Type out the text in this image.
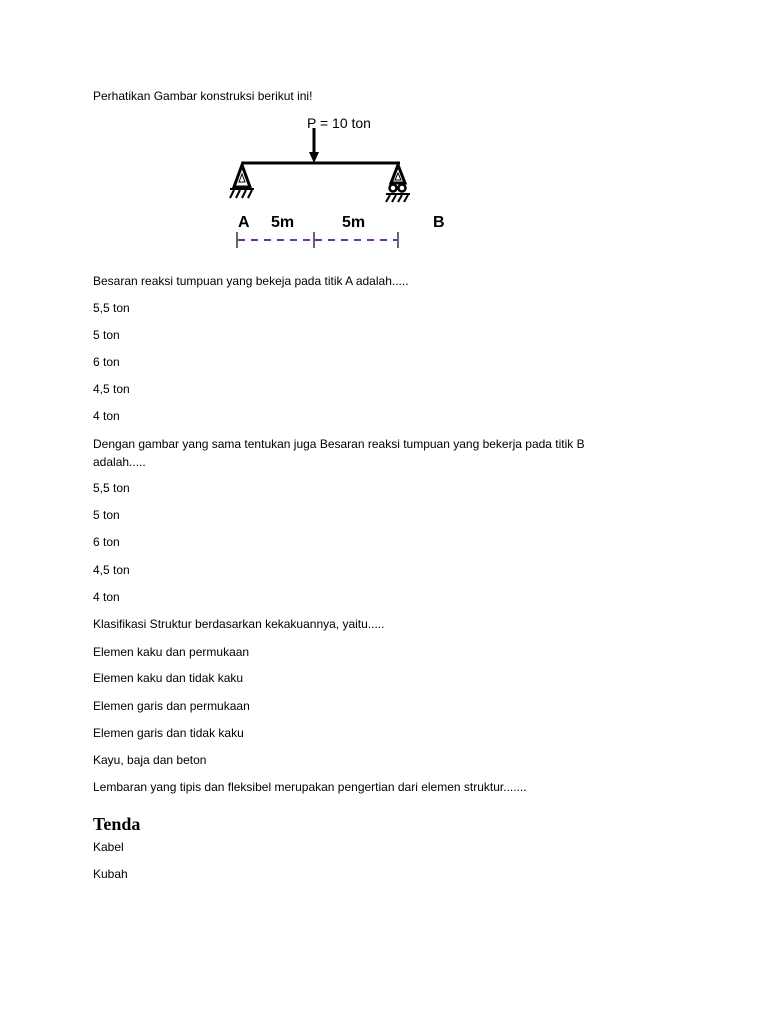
Perhatikan Gambar konstruksi berikut ini!
P = 10 ton
A 5m	5m	B
Besaran reaksi tumpuan yang bekeja pada titik A adalah.....
5,5 ton
5 ton
6 ton
4,5 ton
4 ton
Dengan gambar yang sama tentukan juga Besaran reaksi tumpuan yang bekerja pada titik B adalah.....
5,5 ton
5 ton
6 ton
4,5 ton
4 ton
Klasifikasi Struktur berdasarkan kekakuannya, yaitu.....
Elemen kaku dan permukaan
Elemen kaku dan tidak kaku
Elemen garis dan permukaan
Elemen garis dan tidak kaku
Kayu, baja dan beton
Lembaran yang tipis dan fleksibel merupakan pengertian dari elemen struktur.......
Tenda
Kabel
Kubah
